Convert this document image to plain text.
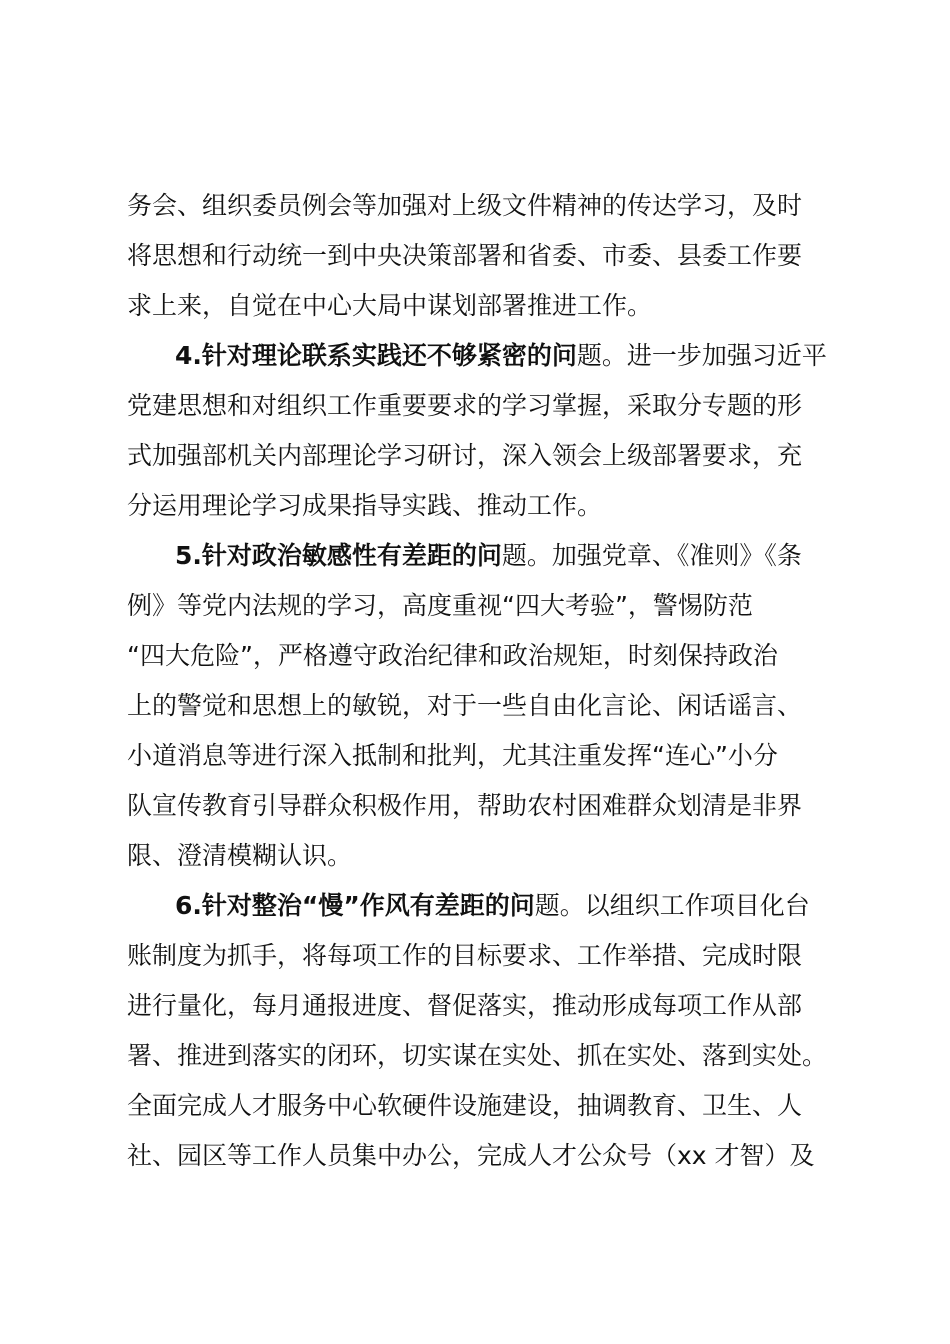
务会、组织委员例会等加强对上级文件精神的传达学习，及时
将思想和行动统一到中央决策部署和省委、市委、县委工作要
求上来，自觉在中心大局中谋划部署推进工作。
4.针对理论联系实践还不够紧密的问题。进一步加强习近平
党建思想和对组织工作重要要求的学习掌握，采取分专题的形
式加强部机关内部理论学习研讨，深入领会上级部署要求，充
分运用理论学习成果指导实践、推动工作。
5.针对政治敏感性有差距的问题。加强党章、《准则》《条
例》等党内法规的学习，高度重视“四大考验”，警惕防范
“四大危险”，严格遵守政治纪律和政治规矩，时刻保持政治
上的警觉和思想上的敏锐，对于一些自由化言论、闲话谣言、
小道消息等进行深入抵制和批判，尤其注重发挥“连心”小分
队宣传教育引导群众积极作用，帮助农村困难群众划清是非界
限、澄清模糊认识。
6.针对整治“慢”作风有差距的问题。以组织工作项目化台
账制度为抓手，将每项工作的目标要求、工作举措、完成时限
进行量化，每月通报进度、督促落实，推动形成每项工作从部
署、推进到落实的闭环，切实谋在实处、抓在实处、落到实处。
全面完成人才服务中心软硬件设施建设，抽调教育、卫生、人
社、园区等工作人员集中办公，完成人才公众号（xx 才智）及
